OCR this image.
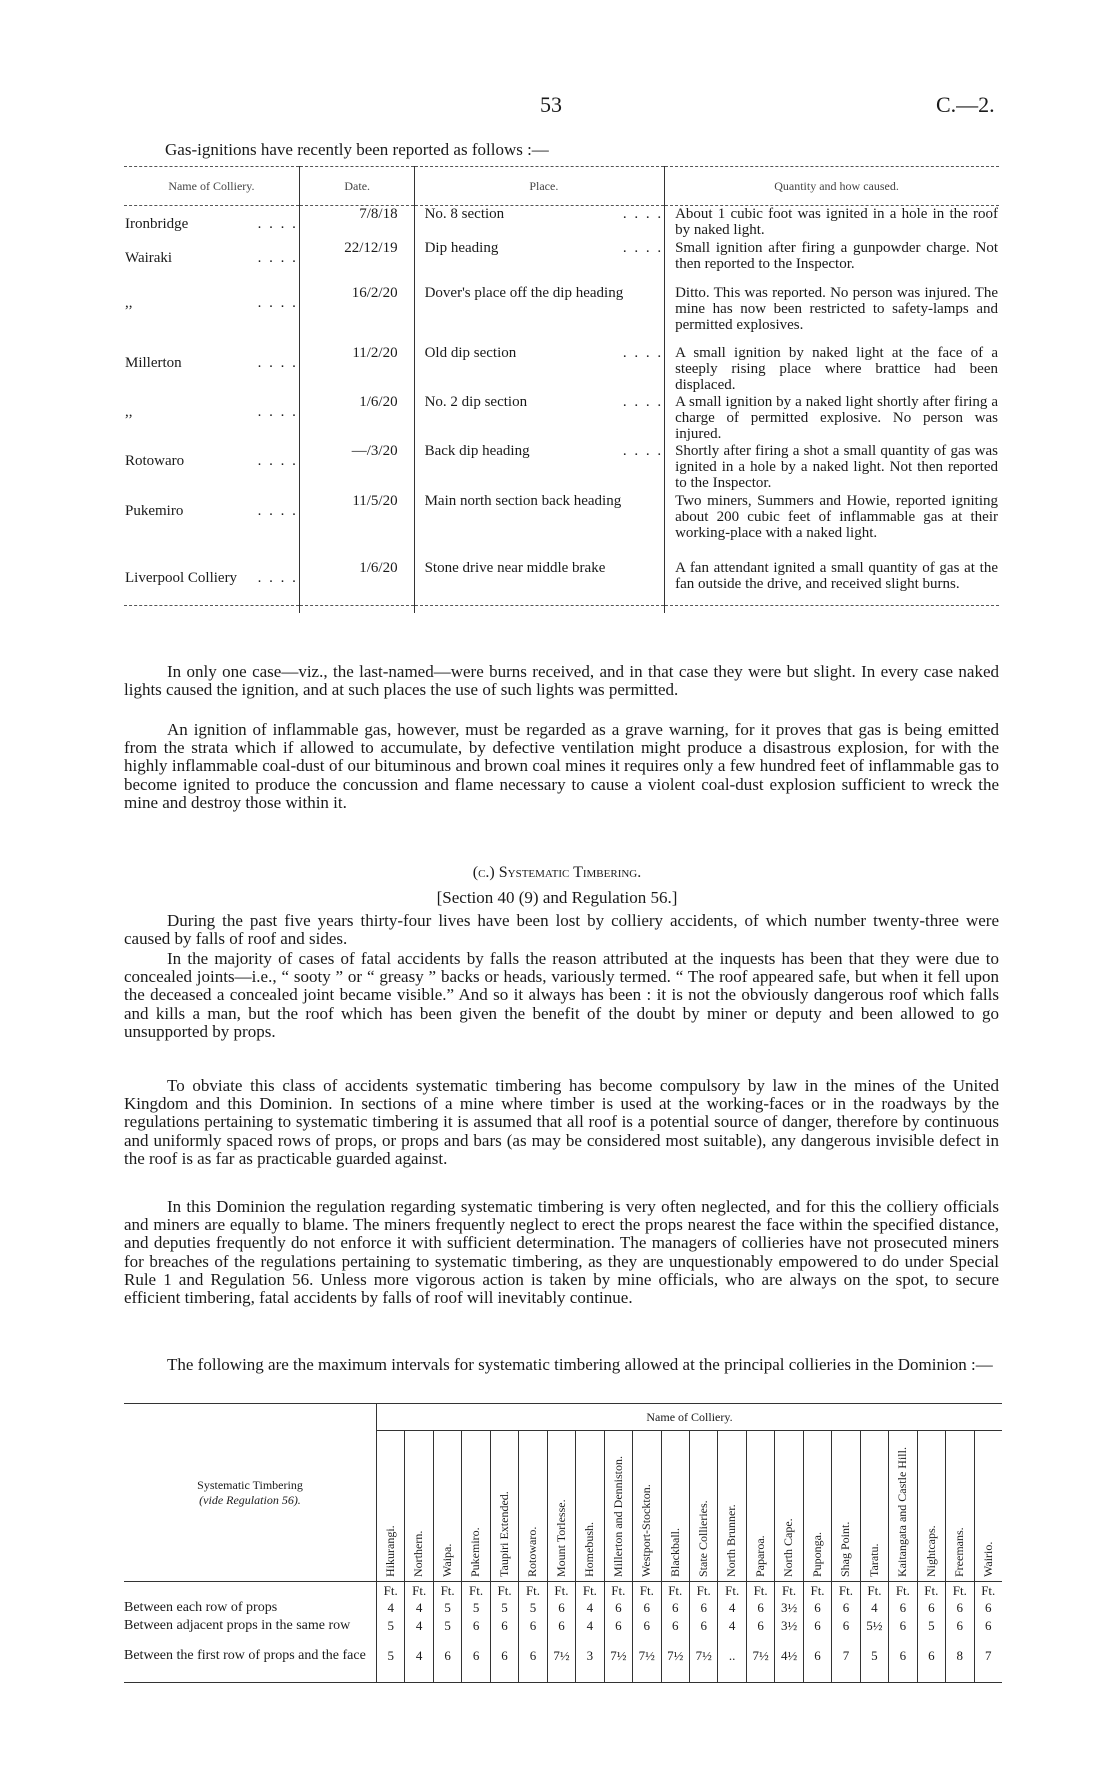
53	C.—2.
Gas-ignitions have recently been reported as follows :—
Name of Colliery.	Date.	Place.	Quantity and how caused.
Ironbridge . . . .	7/8/18	No. 8 section . . . .	About 1 cubic foot was ignited in a hole in the roof by naked light.
Wairaki . . . .	22/12/19	Dip heading . . . .	Small ignition after firing a gunpowder charge. Not then reported to the Inspector.
,, . . . .	16/2/20	Dover's place off the dip heading	Ditto. This was reported. No person was injured. The mine has now been restricted to safety-lamps and permitted explosives.
Millerton . . . .	11/2/20	Old dip section . . . .	A small ignition by naked light at the face of a steeply rising place where brattice had been displaced.
,, . . . .	1/6/20	No. 2 dip section . . . .	A small ignition by a naked light shortly after firing a charge of permitted explosive. No person was injured.
Rotowaro . . . .	—/3/20	Back dip heading . . . .	Shortly after firing a shot a small quantity of gas was ignited in a hole by a naked light. Not then reported to the Inspector.
Pukemiro . . . .	11/5/20	Main north section back heading	Two miners, Summers and Howie, reported igniting about 200 cubic feet of inflammable gas at their working-place with a naked light.
Liverpool Colliery . . . .	1/6/20	Stone drive near middle brake	A fan attendant ignited a small quantity of gas at the fan outside the drive, and received slight burns.

In only one case—viz., the last-named—were burns received, and in that case they were but slight. In every case naked lights caused the ignition, and at such places the use of such lights was permitted.
An ignition of inflammable gas, however, must be regarded as a grave warning, for it proves that gas is being emitted from the strata which if allowed to accumulate, by defective ventilation might produce a disastrous explosion, for with the highly inflammable coal-dust of our bituminous and brown coal mines it requires only a few hundred feet of inflammable gas to become ignited to produce the concussion and flame necessary to cause a violent coal-dust explosion sufficient to wreck the mine and destroy those within it.
(c.) Systematic Timbering.
[Section 40 (9) and Regulation 56.]
During the past five years thirty-four lives have been lost by colliery accidents, of which number twenty-three were caused by falls of roof and sides.
In the majority of cases of fatal accidents by falls the reason attributed at the inquests has been that they were due to concealed joints—i.e., “ sooty ” or “ greasy ” backs or heads, variously termed. “ The roof appeared safe, but when it fell upon the deceased a concealed joint became visible.” And so it always has been : it is not the obviously dangerous roof which falls and kills a man, but the roof which has been given the benefit of the doubt by miner or deputy and been allowed to go unsupported by props.
To obviate this class of accidents systematic timbering has become compulsory by law in the mines of the United Kingdom and this Dominion. In sections of a mine where timber is used at the working-faces or in the roadways by the regulations pertaining to systematic timbering it is assumed that all roof is a potential source of danger, therefore by continuous and uniformly spaced rows of props, or props and bars (as may be considered most suitable), any dangerous invisible defect in the roof is as far as practicable guarded against.
In this Dominion the regulation regarding systematic timbering is very often neglected, and for this the colliery officials and miners are equally to blame. The miners frequently neglect to erect the props nearest the face within the specified distance, and deputies frequently do not enforce it with sufficient determination. The managers of collieries have not prosecuted miners for breaches of the regulations pertaining to systematic timbering, as they are unquestionably empowered to do under Special Rule 1 and Regulation 56. Unless more vigorous action is taken by mine officials, who are always on the spot, to secure efficient timbering, fatal accidents by falls of roof will inevitably continue.
The following are the maximum intervals for systematic timbering allowed at the principal collieries in the Dominion :—
Systematic Timbering
(vide Regulation 56).	Name of Colliery.																					

	Hikurangi.	Northern.	Waipa.	Pukemiro.	Taupiri Extended.	Rotowaro.	Mount Torlesse.	Homebush.	Millerton and Denniston.	Westport-Stockton.	Blackball.	State Collieries.	North Brunner.	Paparoa.	North Cape.	Puponga.	Shag Point.	Taratu.	Kaitangata and Castle Hill.	Nightcaps.	Freemans.	Wairio.

	Ft.	Ft.	Ft.	Ft.	Ft.	Ft.	Ft.	Ft.	Ft.	Ft.	Ft.	Ft.	Ft.	Ft.	Ft.	Ft.	Ft.	Ft.	Ft.	Ft.	Ft.	Ft.
Between each row of props	4	4	5	5	5	5	6	4	6	6	6	6	4	6	3½	6	6	4	6	6	6	6
Between adjacent props in the same row	5	4	5	6	6	6	6	4	6	6	6	6	4	6	3½	6	6	5½	6	5	6	6
Between the first row of props and the face	5	4	6	6	6	6	7½	3	7½	7½	7½	7½	..	7½	4½	6	7	5	6	6	8	7
